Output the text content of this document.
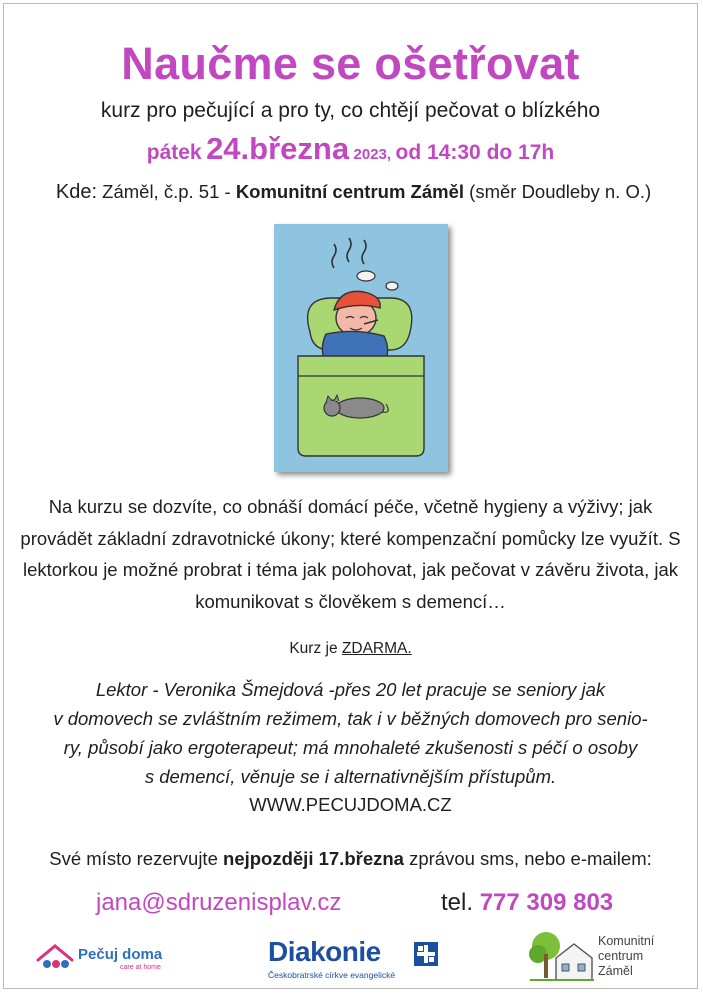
Naučme se ošetřovat
kurz pro pečující a pro ty, co chtějí pečovat o blízkého
pátek 24.března 2023, od 14:30 do 17h
Kde: Záměl, č.p. 51 - Komunitní centrum Záměl (směr Doudleby n. O.)
Na kurzu se dozvíte, co obnáší domácí péče, včetně hygieny a výživy; jak provádět základní zdravotnické úkony; které kompenzační pomůcky lze využít. S lektorkou je možné probrat i téma jak polohovat, jak pečovat v závěru života, jak komunikovat s člověkem s demencí…
Kurz je ZDARMA.
Lektor - Veronika Šmejdová -přes 20 let pracuje se seniory jak
v domovech se zvláštním režimem, tak i v běžných domovech pro senio-
ry, působí jako ergoterapeut; má mnohaleté zkušenosti s péčí o osoby
s demencí, věnuje se i alternativnějším přístupům.
WWW.PECUJDOMA.CZ
Své místo rezervujte nejpozději 17.března zprávou sms, nebo e-mailem:
jana@sdruzenisplav.cz	tel. 777 309 803
Pečuj doma
care at home
Diakonie
Českobratrské církve evangelické
Komunitní
centrum
Záměl
